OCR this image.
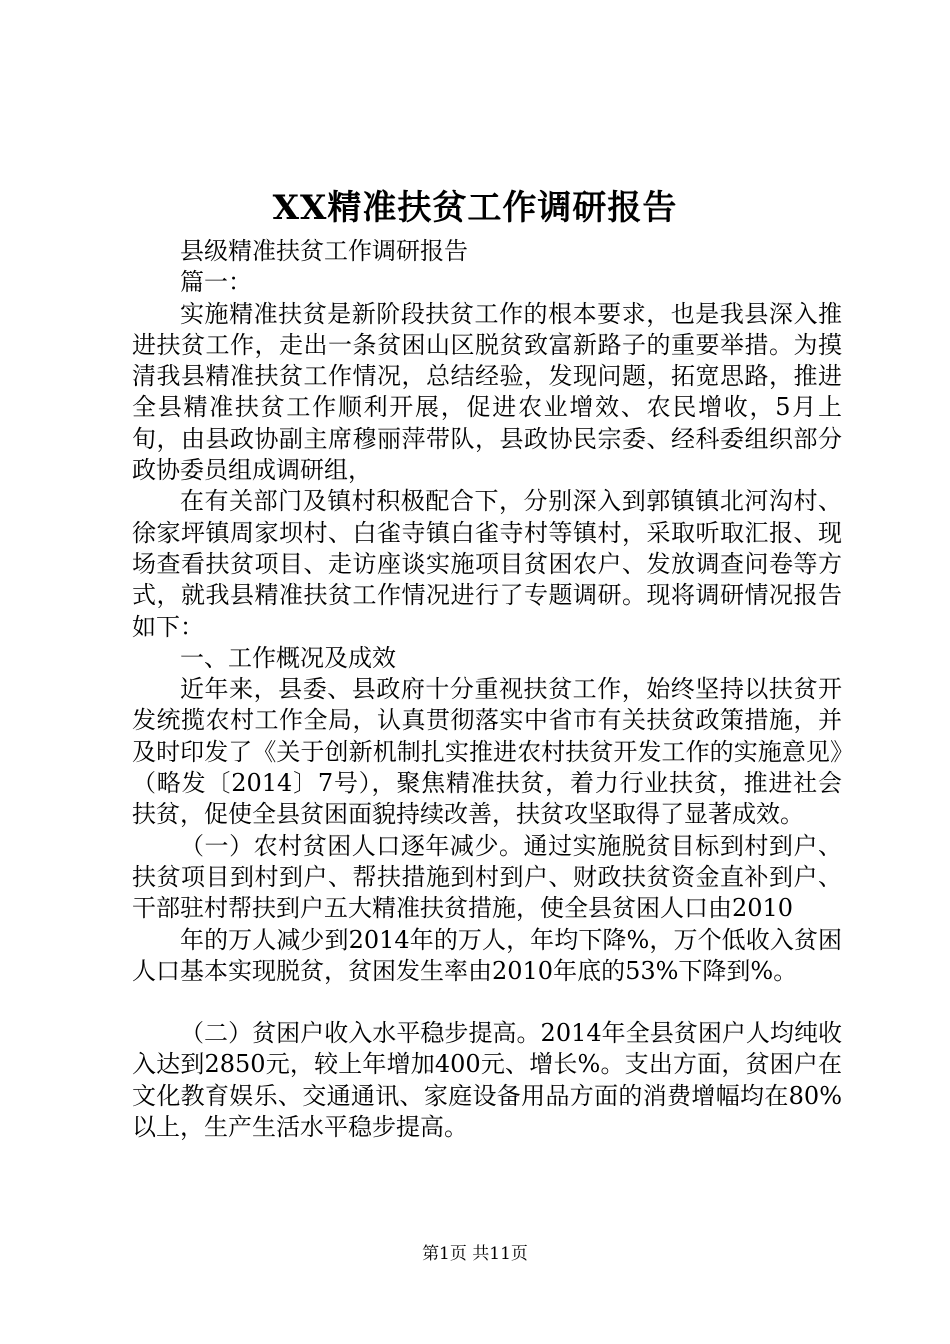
XX精准扶贫工作调研报告

县级精准扶贫工作调研报告

篇一：

实施精准扶贫是新阶段扶贫工作的根本要求，也是我县深入推进扶贫工作，走出一条贫困山区脱贫致富新路子的重要举措。为摸清我县精准扶贫工作情况，总结经验，发现问题，拓宽思路，推进全县精准扶贫工作顺利开展，促进农业增效、农民增收，5月上旬，由县政协副主席穆丽萍带队，县政协民宗委、经科委组织部分政协委员组成调研组，

在有关部门及镇村积极配合下，分别深入到郭镇镇北河沟村、徐家坪镇周家坝村、白雀寺镇白雀寺村等镇村，采取听取汇报、现场查看扶贫项目、走访座谈实施项目贫困农户、发放调查问卷等方式，就我县精准扶贫工作情况进行了专题调研。现将调研情况报告如下：

一、工作概况及成效

近年来，县委、县政府十分重视扶贫工作，始终坚持以扶贫开发统揽农村工作全局，认真贯彻落实中省市有关扶贫政策措施，并及时印发了《关于创新机制扎实推进农村扶贫开发工作的实施意见》（略发〔2014〕7号），聚焦精准扶贫，着力行业扶贫，推进社会扶贫，促使全县贫困面貌持续改善，扶贫攻坚取得了显著成效。

（一）农村贫困人口逐年减少。通过实施脱贫目标到村到户、扶贫项目到村到户、帮扶措施到村到户、财政扶贫资金直补到户、干部驻村帮扶到户五大精准扶贫措施，使全县贫困人口由2010

年的万人减少到2014年的万人，年均下降%，万个低收入贫困人口基本实现脱贫，贫困发生率由2010年底的53%下降到%。

（二）贫困户收入水平稳步提高。2014年全县贫困户人均纯收入达到2850元，较上年增加400元、增长%。支出方面，贫困户在文化教育娱乐、交通通讯、家庭设备用品方面的消费增幅均在80%以上，生产生活水平稳步提高。

第1页 共11页
